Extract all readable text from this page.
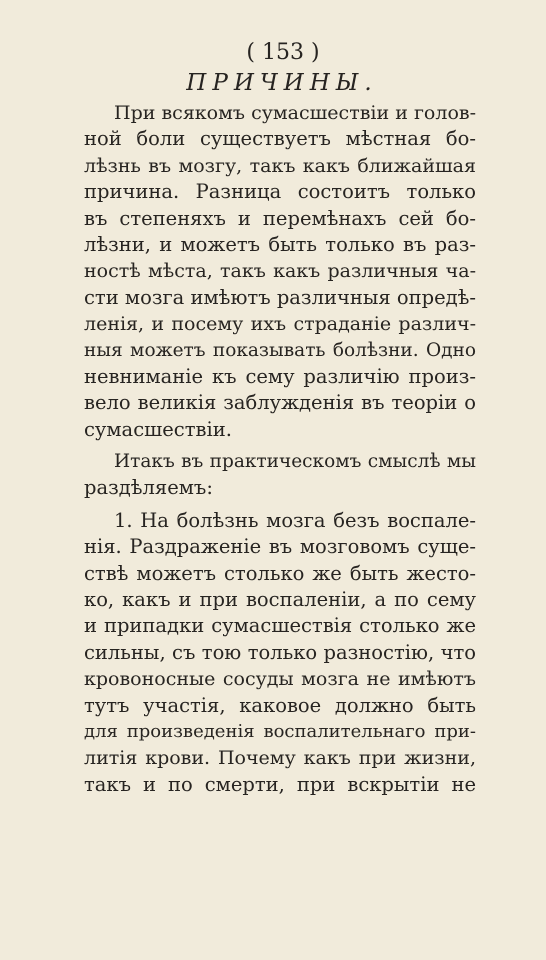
( 153 )
ПРИЧИНЫ.
При всякомъ сумасшествіи и голов-
ной боли существуетъ мѣстная бо-
лѣзнь въ мозгу, такъ какъ ближайшая
причина. Разница состоитъ только
въ степеняхъ и перемѣнахъ сей бо-
лѣзни, и можетъ быть только въ раз-
ностѣ мѣста, такъ какъ различныя ча-
сти мозга имѣютъ различныя опредѣ-
ленія, и посему ихъ страданіе различ-
ныя можетъ показывать болѣзни. Одно
невниманіе къ сему различію произ-
вело великія заблужденія въ теоріи о
сумасшествіи.
Итакъ въ практическомъ смыслѣ мы
раздѣляемъ:
1. На болѣзнь мозга безъ воспале-
нія. Раздраженіе въ мозговомъ суще-
ствѣ можетъ столько же быть жесто-
ко, какъ и при воспаленіи, а по сему
и припадки сумасшествія столько же
сильны, съ тою только разностію, что
кровоносные сосуды мозга не имѣютъ
тутъ участія, каковое должно быть
для произведенія воспалительнаго при-
литія крови. Почему какъ при жизни,
такъ и по смерти, при вскрытіи не
